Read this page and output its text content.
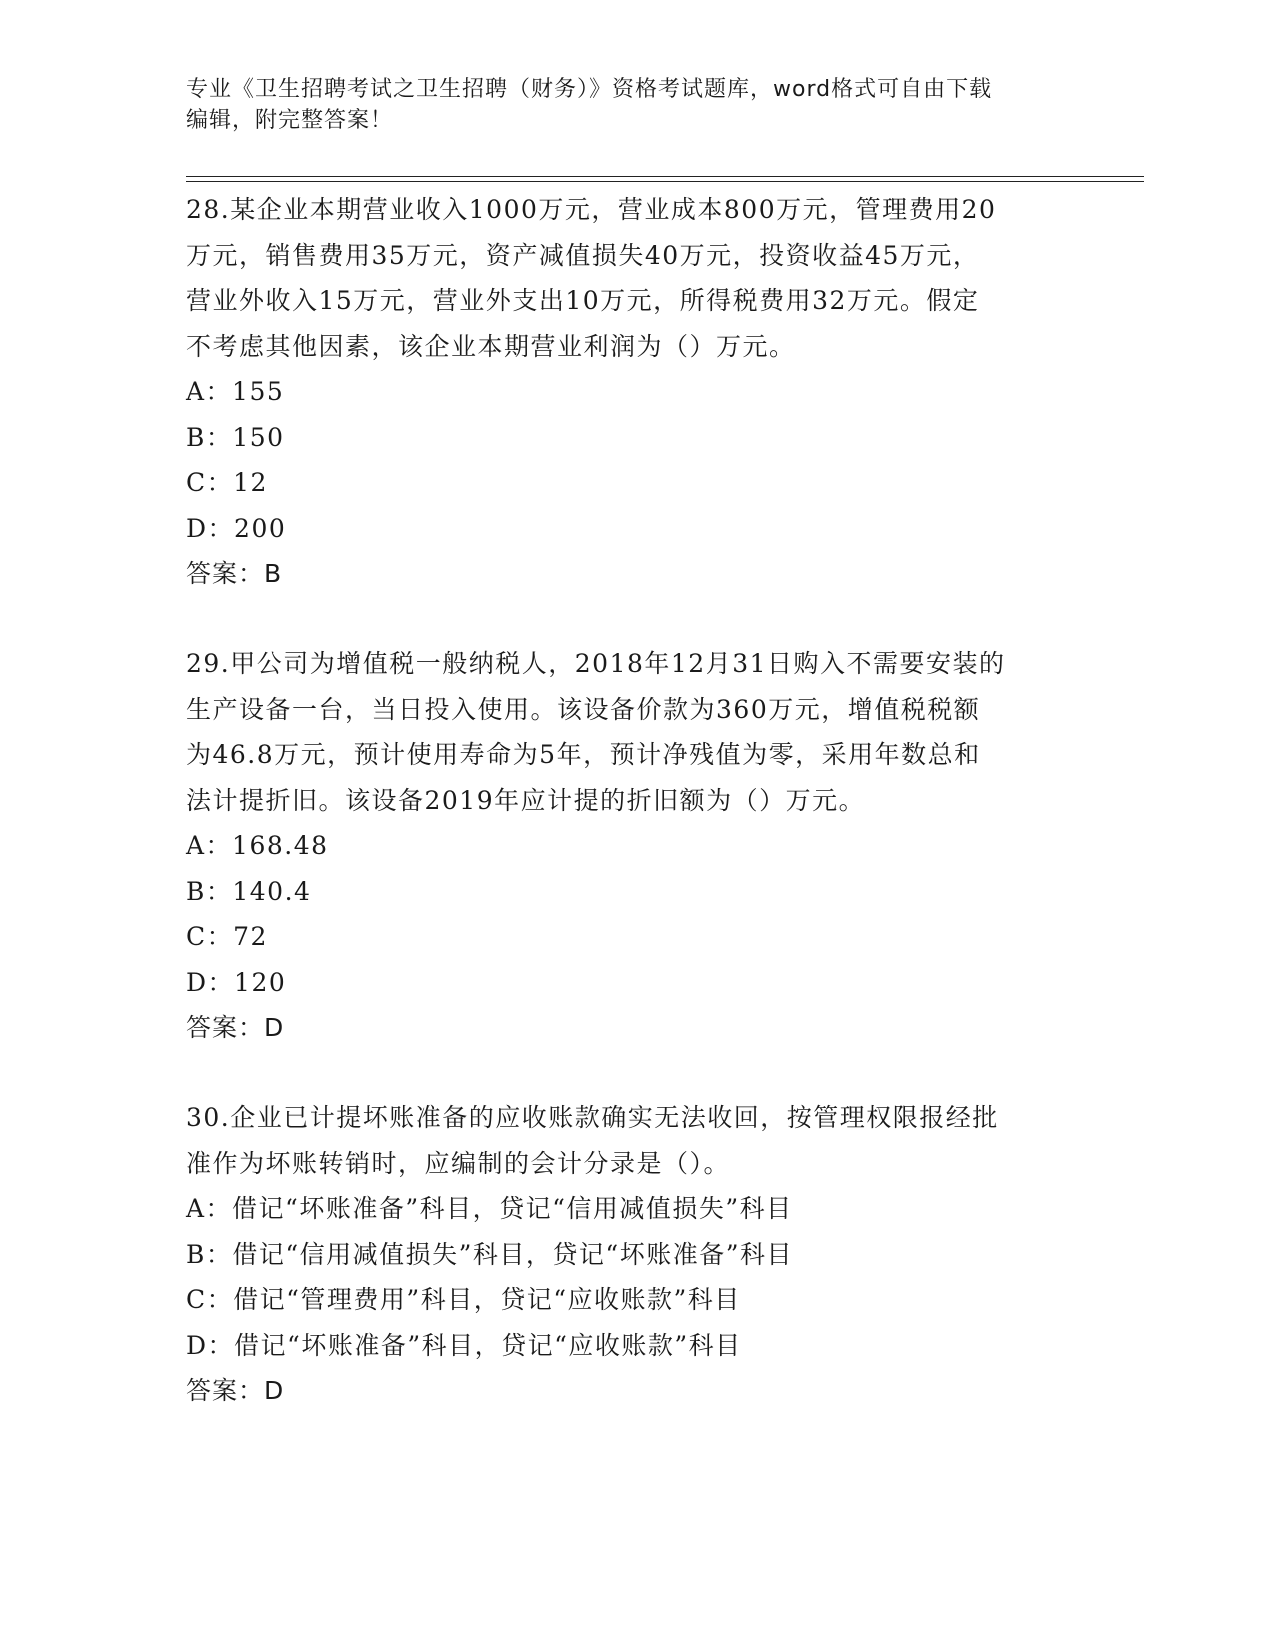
专业《卫生招聘考试之卫生招聘（财务）》资格考试题库，word格式可自由下载
编辑，附完整答案！
28.某企业本期营业收入1000万元，营业成本800万元，管理费用20
万元，销售费用35万元，资产减值损失40万元，投资收益45万元，
营业外收入15万元，营业外支出10万元，所得税费用32万元。假定
不考虑其他因素，该企业本期营业利润为（）万元。
A：155
B：150
C：12
D：200
答案：B
29.甲公司为增值税一般纳税人，2018年12月31日购入不需要安装的
生产设备一台，当日投入使用。该设备价款为360万元，增值税税额
为46.8万元，预计使用寿命为5年，预计净残值为零，采用年数总和
法计提折旧。该设备2019年应计提的折旧额为（）万元。
A：168.48
B：140.4
C：72
D：120
答案：D
30.企业已计提坏账准备的应收账款确实无法收回，按管理权限报经批
准作为坏账转销时，应编制的会计分录是（）。
A：借记“坏账准备”科目，贷记“信用减值损失”科目
B：借记“信用减值损失”科目，贷记“坏账准备”科目
C：借记“管理费用”科目，贷记“应收账款”科目
D：借记“坏账准备”科目，贷记“应收账款”科目
答案：D
